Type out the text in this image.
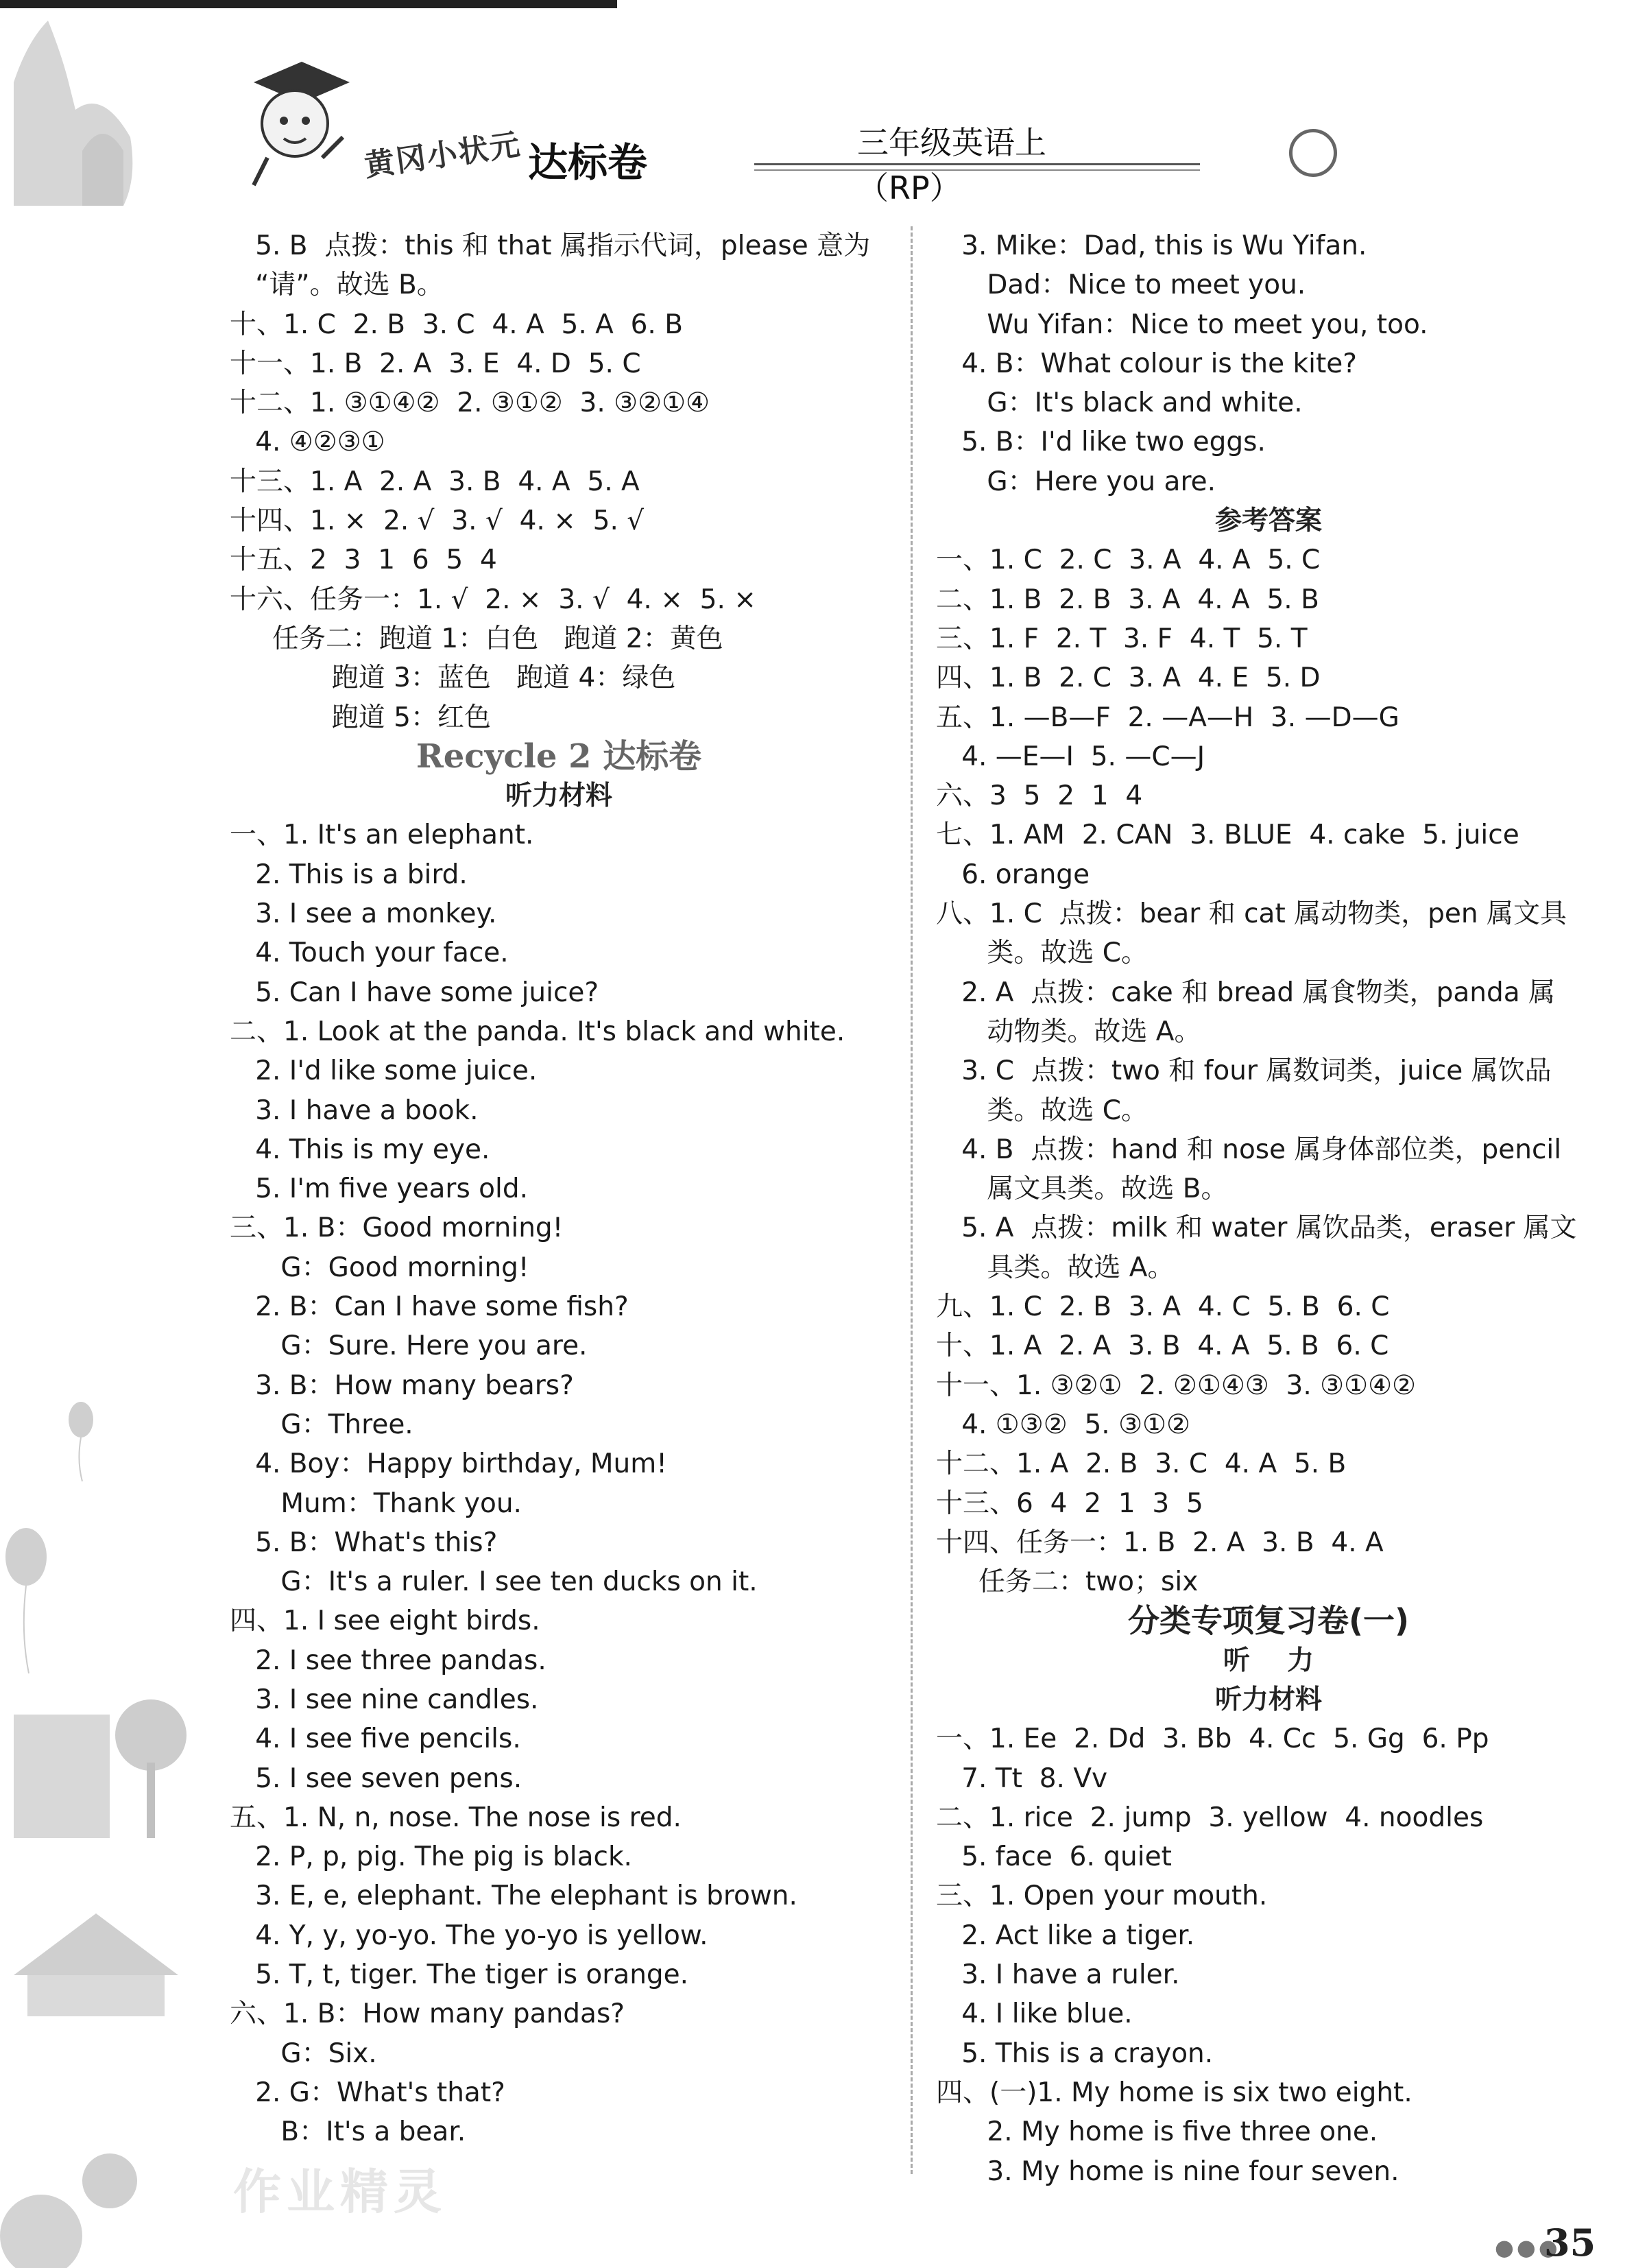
黄冈小状元 达标卷	三年级英语上（RP）
5. B  点拨：this 和 that 属指示代词，please 意为
“请”。故选 B。
十、1. C  2. B  3. C  4. A  5. A  6. B
十一、1. B  2. A  3. E  4. D  5. C
十二、1. ③①④②  2. ③①②  3. ③②①④
4. ④②③①
十三、1. A  2. A  3. B  4. A  5. A
十四、1. ×  2. √  3. √  4. ×  5. √
十五、2  3  1  6  5  4
十六、任务一：1. √  2. ×  3. √  4. ×  5. ×
任务二：跑道 1：白色   跑道 2：黄色
跑道 3：蓝色   跑道 4：绿色
跑道 5：红色
Recycle 2 达标卷
听力材料
一、1. It's an elephant.
2. This is a bird.
3. I see a monkey.
4. Touch your face.
5. Can I have some juice?
二、1. Look at the panda. It's black and white.
2. I'd like some juice.
3. I have a book.
4. This is my eye.
5. I'm five years old.
三、1. B：Good morning!
G：Good morning!
2. B：Can I have some fish?
G：Sure. Here you are.
3. B：How many bears?
G：Three.
4. Boy：Happy birthday, Mum!
Mum：Thank you.
5. B：What's this?
G：It's a ruler. I see ten ducks on it.
四、1. I see eight birds.
2. I see three pandas.
3. I see nine candles.
4. I see five pencils.
5. I see seven pens.
五、1. N, n, nose. The nose is red.
2. P, p, pig. The pig is black.
3. E, e, elephant. The elephant is brown.
4. Y, y, yo-yo. The yo-yo is yellow.
5. T, t, tiger. The tiger is orange.
六、1. B：How many pandas?
G：Six.
2. G：What's that?
B：It's a bear.
3. Mike：Dad, this is Wu Yifan.
Dad：Nice to meet you.
Wu Yifan：Nice to meet you, too.
4. B：What colour is the kite?
G：It's black and white.
5. B：I'd like two eggs.
G：Here you are.
参考答案
一、1. C  2. C  3. A  4. A  5. C
二、1. B  2. B  3. A  4. A  5. B
三、1. F  2. T  3. F  4. T  5. T
四、1. B  2. C  3. A  4. E  5. D
五、1. —B—F  2. —A—H  3. —D—G
4. —E—I  5. —C—J
六、3  5  2  1  4
七、1. AM  2. CAN  3. BLUE  4. cake  5. juice
6. orange
八、1. C  点拨：bear 和 cat 属动物类，pen 属文具
类。故选 C。
2. A  点拨：cake 和 bread 属食物类，panda 属
动物类。故选 A。
3. C  点拨：two 和 four 属数词类，juice 属饮品
类。故选 C。
4. B  点拨：hand 和 nose 属身体部位类，pencil
属文具类。故选 B。
5. A  点拨：milk 和 water 属饮品类，eraser 属文
具类。故选 A。
九、1. C  2. B  3. A  4. C  5. B  6. C
十、1. A  2. A  3. B  4. A  5. B  6. C
十一、1. ③②①  2. ②①④③  3. ③①④②
4. ①③②  5. ③①②
十二、1. A  2. B  3. C  4. A  5. B
十三、6  4  2  1  3  5
十四、任务一：1. B  2. A  3. B  4. A
任务二：two；six
分类专项复习卷(一)
听    力
听力材料
一、1. Ee  2. Dd  3. Bb  4. Cc  5. Gg  6. Pp
7. Tt  8. Vv
二、1. rice  2. jump  3. yellow  4. noodles
5. face  6. quiet
三、1. Open your mouth.
2. Act like a tiger.
3. I have a ruler.
4. I like blue.
5. This is a crayon.
四、(一)1. My home is six two eight.
2. My home is five three one.
3. My home is nine four seven.
作业精灵
●●●
35
